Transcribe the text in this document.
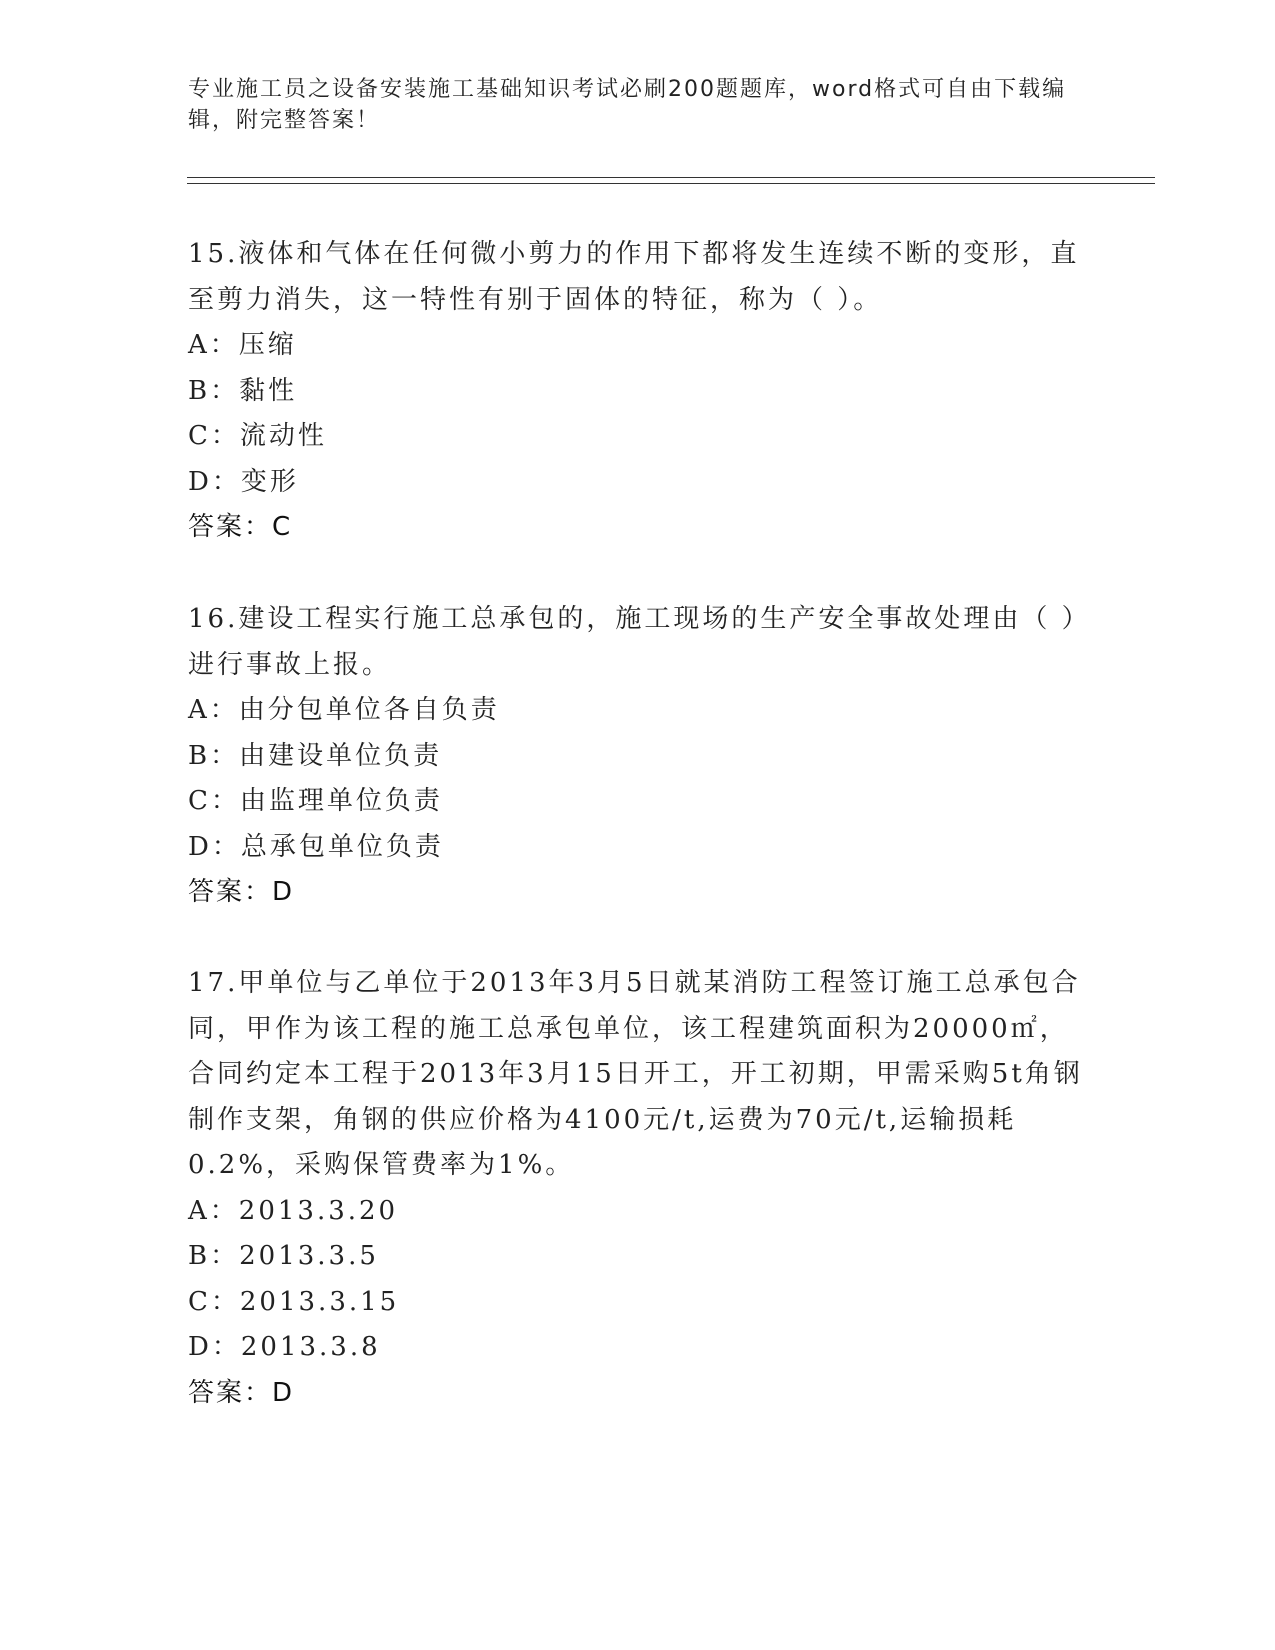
专业施工员之设备安装施工基础知识考试必刷200题题库，word格式可自由下载编辑，附完整答案！

15.液体和气体在任何微小剪力的作用下都将发生连续不断的变形，直至剪力消失，这一特性有别于固体的特征，称为（ ）。

A：压缩

B：黏性

C：流动性

D：变形

答案：C

16.建设工程实行施工总承包的，施工现场的生产安全事故处理由（ ）进行事故上报。

A：由分包单位各自负责

B：由建设单位负责

C：由监理单位负责

D：总承包单位负责

答案：D

17.甲单位与乙单位于2013年3月5日就某消防工程签订施工总承包合同，甲作为该工程的施工总承包单位，该工程建筑面积为20000㎡，合同约定本工程于2013年3月15日开工，开工初期，甲需采购5t角钢制作支架，角钢的供应价格为4100元/t,运费为70元/t,运输损耗0.2%，采购保管费率为1%。

A：2013.3.20

B：2013.3.5

C：2013.3.15

D：2013.3.8

答案：D
